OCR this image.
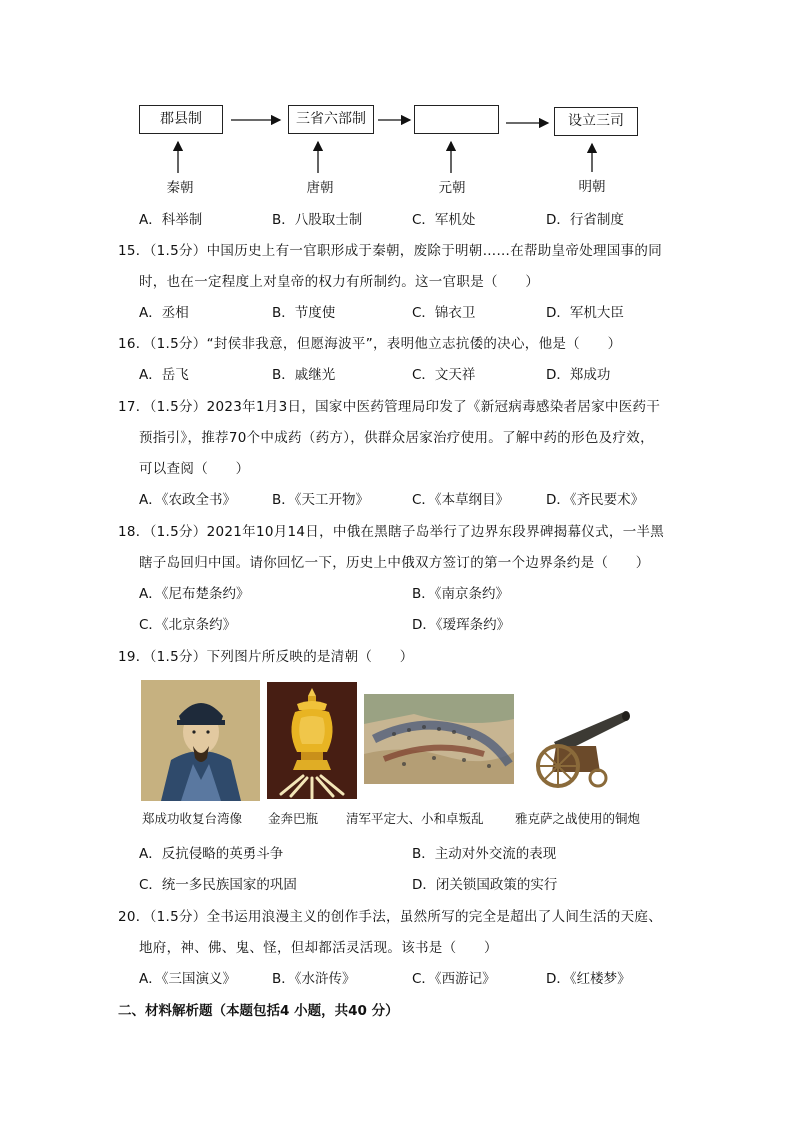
郡县制	三省六部制	设立三司
秦朝	唐朝	元朝	明朝
A．科举制	B．八股取士制	C．军机处	D．行省制度
15．（1.5分）中国历史上有一官职形成于秦朝，废除于明朝……在帮助皇帝处理国事的同
时，也在一定程度上对皇帝的权力有所制约。这一官职是（　　）
A．丞相	B．节度使	C．锦衣卫	D．军机大臣
16．（1.5分）“封侯非我意，但愿海波平”，表明他立志抗倭的决心，他是（　　）
A．岳飞	B．戚继光	C．文天祥	D．郑成功
17．（1.5分）2023年1月3日，国家中医药管理局印发了《新冠病毒感染者居家中医药干
预指引》，推荐70个中成药（药方），供群众居家治疗使用。了解中药的形色及疗效，
可以查阅（　　）
A．《农政全书》	B．《天工开物》	C．《本草纲目》	D．《齐民要术》
18．（1.5分）2021年10月14日，中俄在黑瞎子岛举行了边界东段界碑揭幕仪式，一半黑
瞎子岛回归中国。请你回忆一下，历史上中俄双方签订的第一个边界条约是（　　）
A．《尼布楚条约》	B．《南京条约》
C．《北京条约》	D．《瑷珲条约》
19．（1.5分）下列图片所反映的是清朝（　　）
郑成功收复台湾像 金奔巴瓶 清军平定大、小和卓叛乱	雅克萨之战使用的铜炮
A．反抗侵略的英勇斗争	B．主动对外交流的表现
C．统一多民族国家的巩固	D．闭关锁国政策的实行
20．（1.5分）全书运用浪漫主义的创作手法，虽然所写的完全是超出了人间生活的天庭、
地府，神、佛、鬼、怪，但却都活灵活现。该书是（　　）
A．《三国演义》	B．《水浒传》	C．《西游记》	D．《红楼梦》
二、材料解析题（本题包括4 小题，共40 分）
